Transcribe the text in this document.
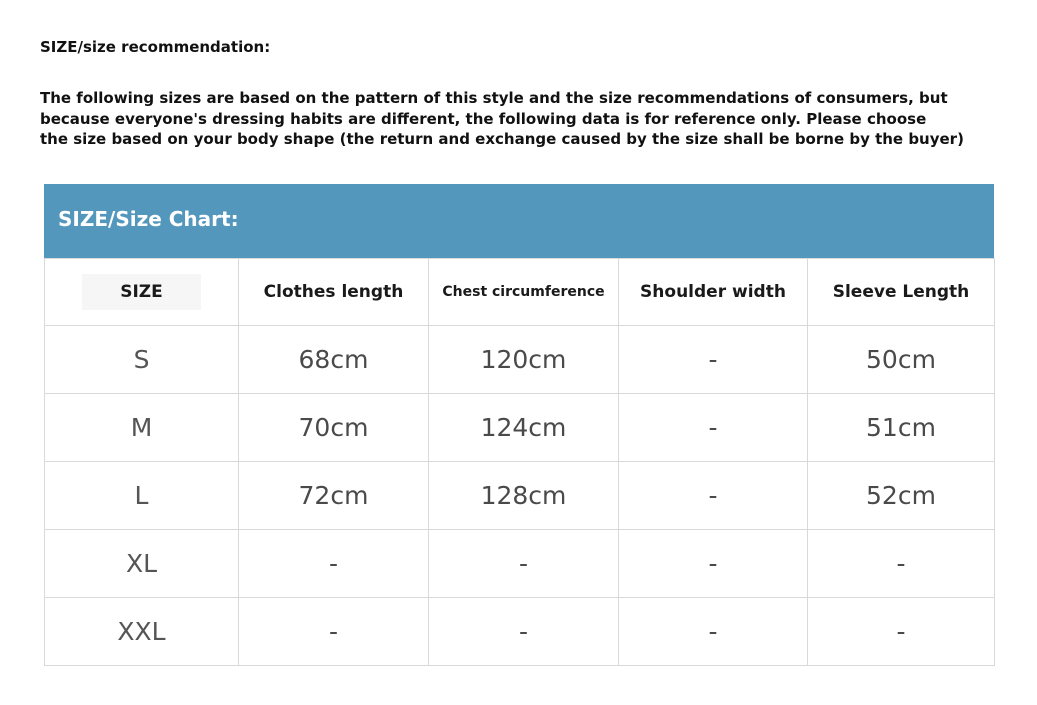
SIZE/size recommendation:
The following sizes are based on the pattern of this style and the size recommendations of consumers, but
because everyone's dressing habits are different, the following data is for reference only. Please choose
the size based on your body shape (the return and exchange caused by the size shall be borne by the buyer)
SIZE/Size Chart:
SIZE	Clothes length	Chest circumference	Shoulder width	Sleeve Length
S	68cm	120cm	-	50cm
M	70cm	124cm	-	51cm
L	72cm	128cm	-	52cm
XL	-	-	-	-
XXL	-	-	-	-
